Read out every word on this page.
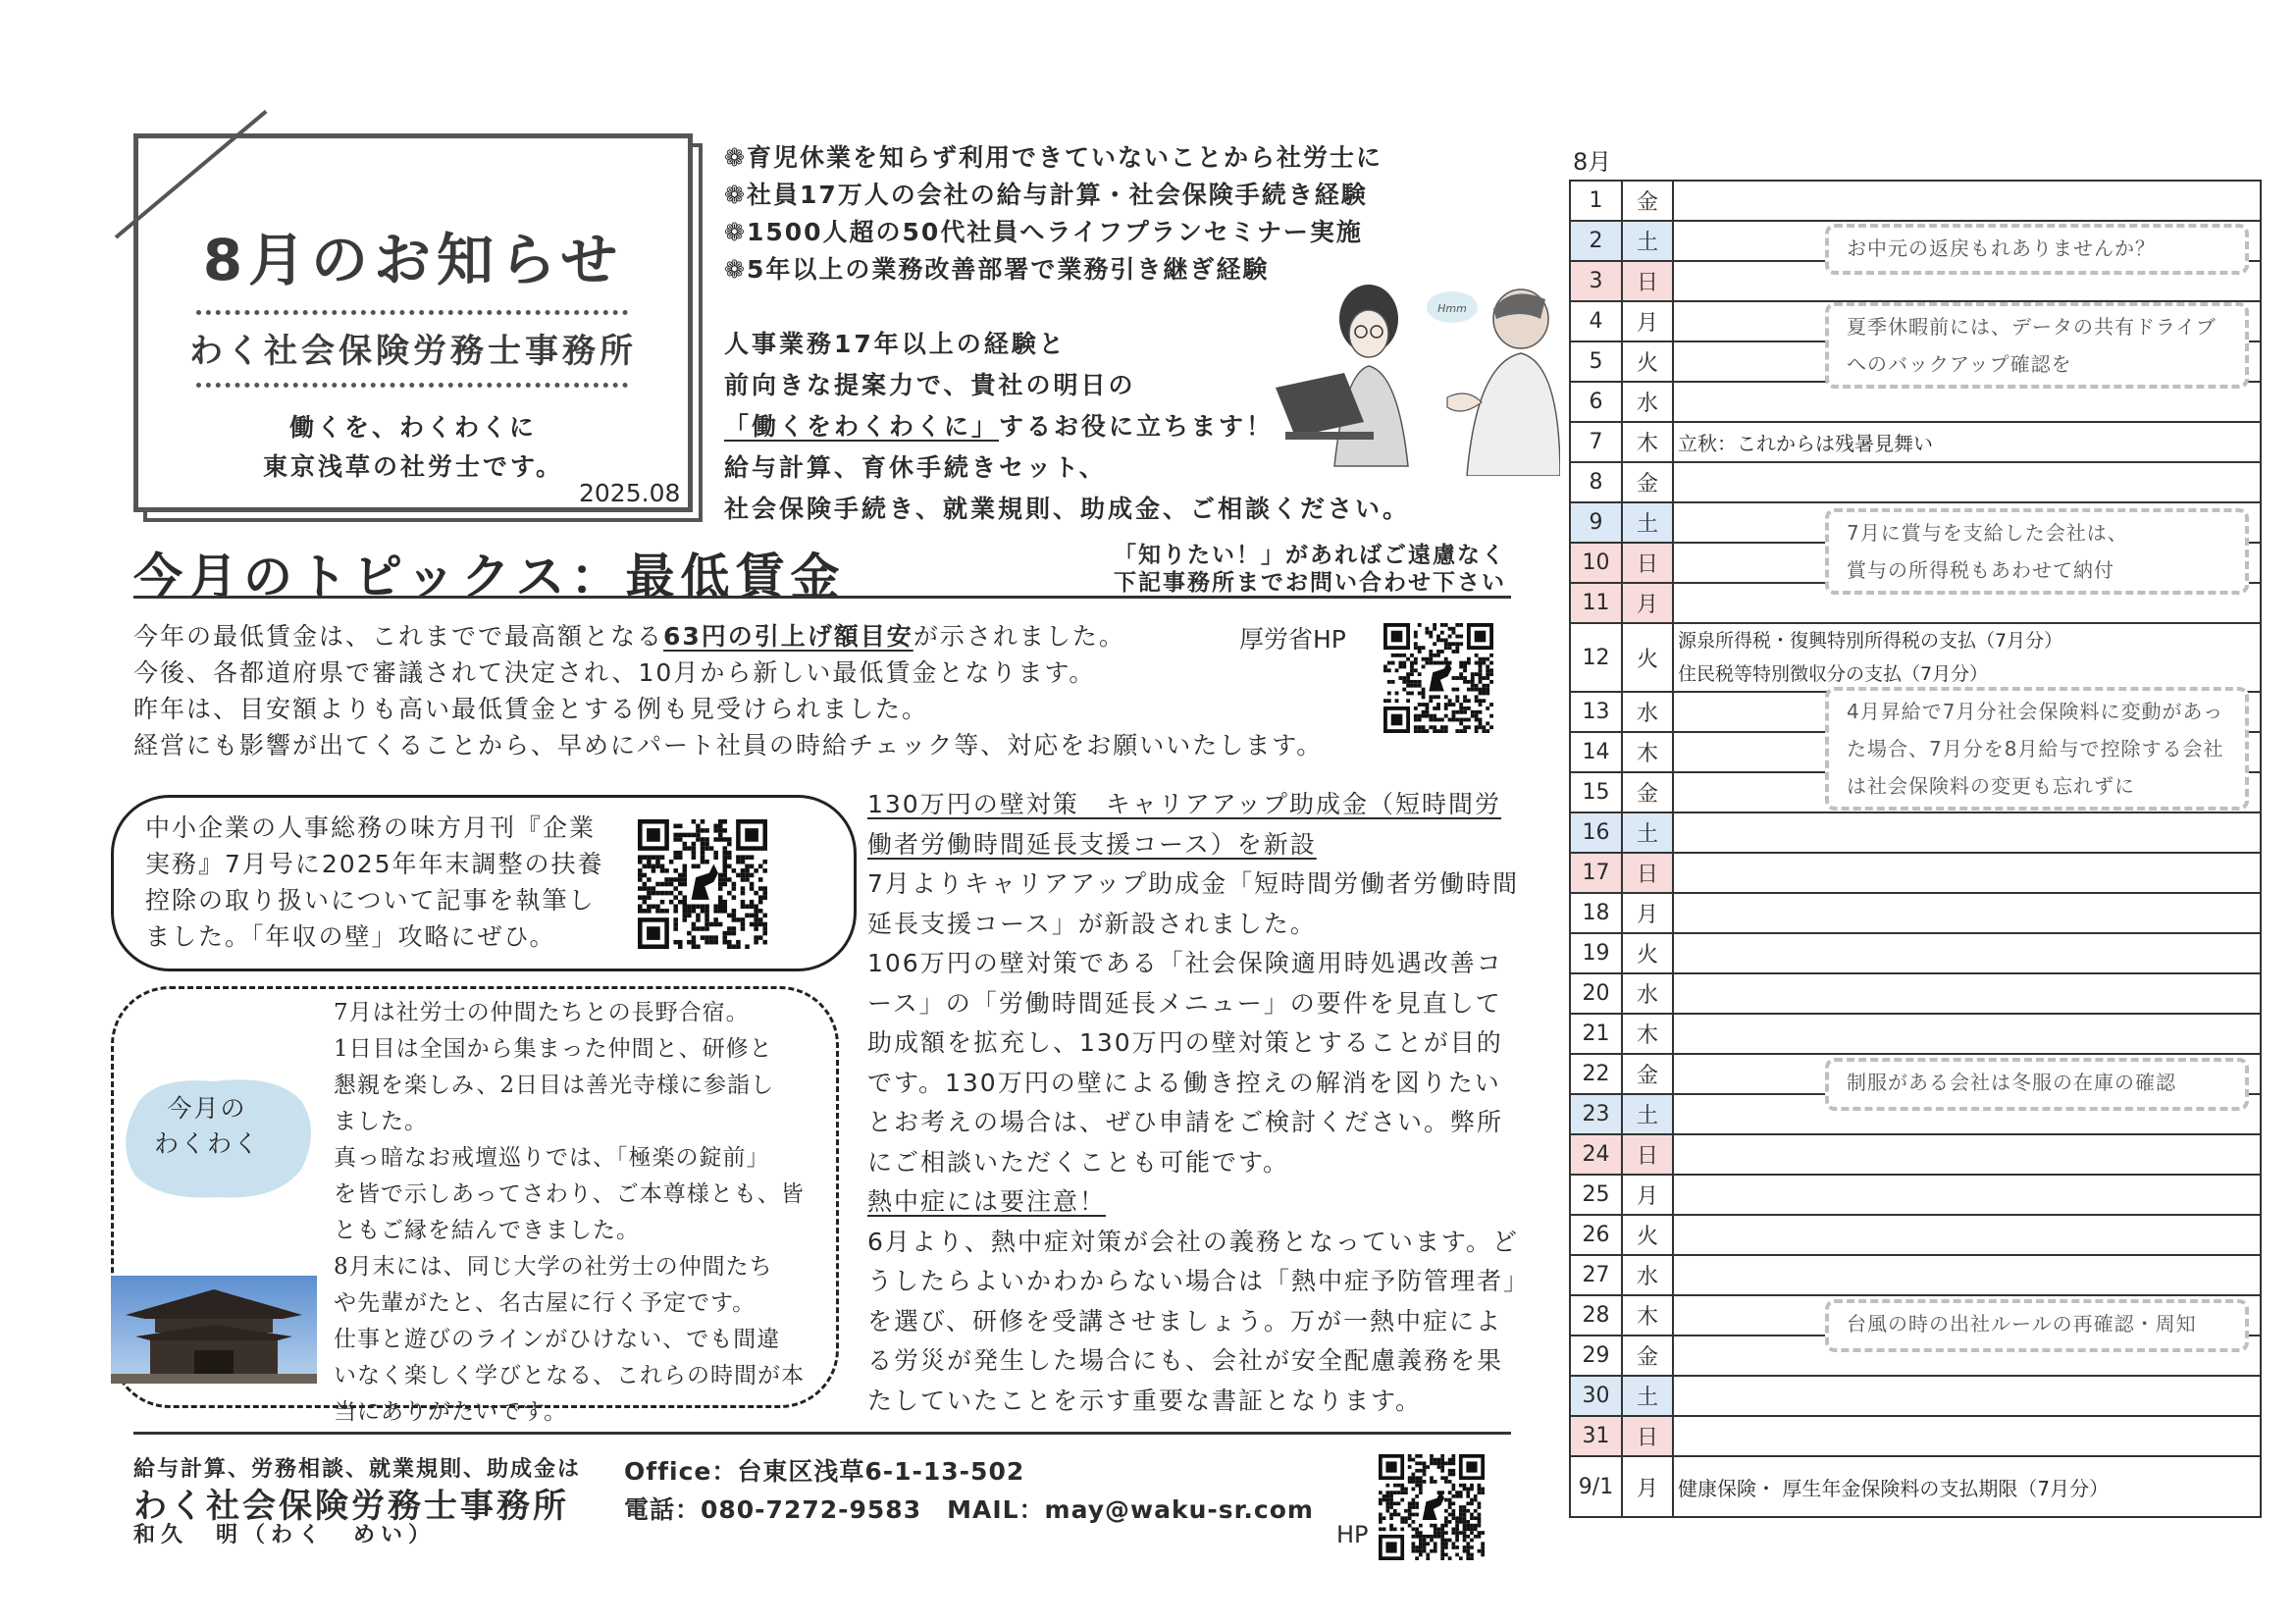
8月のお知らせ
わく社会保険労務士事務所
働くを、わくわくに
東京浅草の社労士です。
2025.08
❁育児休業を知らず利用できていないことから社労士に
❁社員17万人の会社の給与計算・社会保険手続き経験
❁1500人超の50代社員へライフプランセミナー実施
❁5年以上の業務改善部署で業務引き継ぎ経験
人事業務17年以上の経験と
前向きな提案力で、貴社の明日の
「働くをわくわくに」するお役に立ちます！
給与計算、育休手続きセット、
社会保険手続き、就業規則、助成金、ご相談ください。
Hmm
今月のトピックス：最低賃金	「知りたい！」があればご遠慮なく
下記事務所までお問い合わせ下さい
今年の最低賃金は、これまでで最高額となる63円の引上げ額目安が示されました。
今後、各都道府県で審議されて決定され、10月から新しい最低賃金となります。
昨年は、目安額よりも高い最低賃金とする例も見受けられました。
経営にも影響が出てくることから、早めにパート社員の時給チェック等、対応をお願いいたします。
厚労省HP
中小企業の人事総務の味方月刊『企業
実務』7月号に2025年年末調整の扶養
控除の取り扱いについて記事を執筆し
ました。「年収の壁」攻略にぜひ。
今月の
わくわく
7月は社労士の仲間たちとの長野合宿。
1日目は全国から集まった仲間と、研修と
懇親を楽しみ、2日目は善光寺様に参詣し
ました。
真っ暗なお戒壇巡りでは、「極楽の錠前」
を皆で示しあってさわり、ご本尊様とも、皆
ともご縁を結んできました。
8月末には、同じ大学の社労士の仲間たち
や先輩がたと、名古屋に行く予定です。
仕事と遊びのラインがひけない、でも間違
いなく楽しく学びとなる、これらの時間が本
当にありがたいです。
130万円の壁対策　キャリアアップ助成金（短時間労
働者労働時間延長支援コース）を新設
7月よりキャリアアップ助成金「短時間労働者労働時間
延長支援コース」が新設されました。
106万円の壁対策である「社会保険適用時処遇改善コ
ース」の「労働時間延長メニュー」の要件を見直して
助成額を拡充し、130万円の壁対策とすることが目的
です。130万円の壁による働き控えの解消を図りたい
とお考えの場合は、ぜひ申請をご検討ください。弊所
にご相談いただくことも可能です。
熱中症には要注意！
6月より、熱中症対策が会社の義務となっています。ど
うしたらよいかわからない場合は「熱中症予防管理者」
を選び、研修を受講させましょう。万が一熱中症によ
る労災が発生した場合にも、会社が安全配慮義務を果
たしていたことを示す重要な書証となります。
給与計算、労務相談、就業規則、助成金は
わく社会保険労務士事務所
和久　明（わく　めい）
Office：台東区浅草6-1-13-502
電話：080-7272-9583　MAIL：may@waku-sr.com
HP
8月
1	金	
2	土	
3	日	
4	月	
5	火	
6	水	
7	木	立秋：これからは残暑見舞い
8	金	
9	土	
10	日	
11	月	
12	火	源泉所得税・復興特別所得税の支払（7月分）
住民税等特別徴収分の支払（7月分）

13	水	
14	木	
15	金	
16	土	
17	日	
18	月	
19	火	
20	水	
21	木	
22	金	
23	土	
24	日	
25	月	
26	火	
27	水	
28	木	
29	金	
30	土	
31	日	
9/1	月	健康保険・ 厚生年金保険料の支払期限（7月分）
お中元の返戻もれありませんか？
夏季休暇前には、データの共有ドライブ
へのバックアップ確認を
7月に賞与を支給した会社は、
賞与の所得税もあわせて納付
4月昇給で7月分社会保険料に変動があっ
た場合、7月分を8月給与で控除する会社
は社会保険料の変更も忘れずに
制服がある会社は冬服の在庫の確認
台風の時の出社ルールの再確認・周知
